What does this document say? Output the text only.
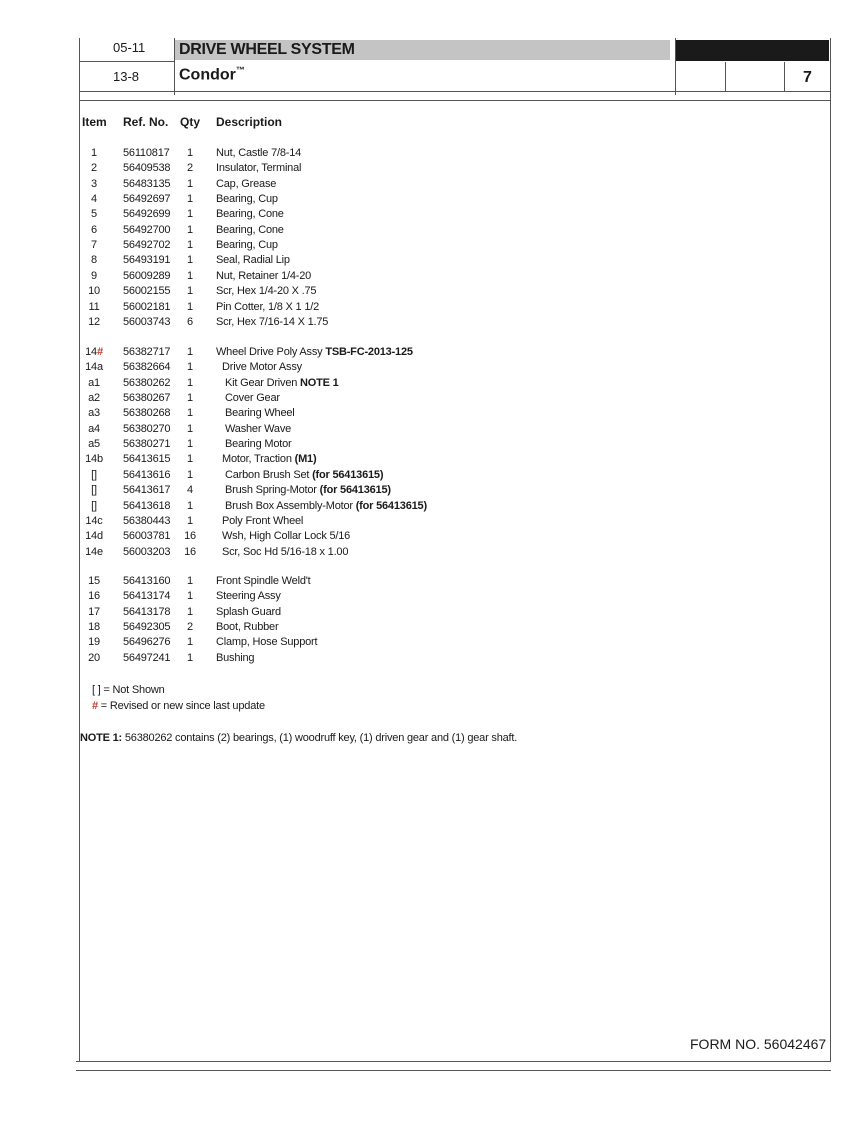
05-11
13-8
DRIVE WHEEL SYSTEM
Condor™	7
Item Ref. No. Qty Description
1	56110817 1 Nut, Castle 7/8-14
2	56409538 2 Insulator, Terminal
3	56483135 1 Cap, Grease
4	56492697 1 Bearing, Cup
5	56492699 1 Bearing, Cone
6	56492700 1 Bearing, Cone
7	56492702 1 Bearing, Cup
8	56493191 1 Seal, Radial Lip
9	56009289 1 Nut, Retainer 1/4-20
10	56002155 1 Scr, Hex 1/4-20 X .75
11	56002181 1 Pin Cotter, 1/8 X 1 1/2
12	56003743 6 Scr, Hex 7/16-14 X 1.75
14#	56382717 1 Wheel Drive Poly Assy TSB-FC-2013-125
14a	56382664 1	Drive Motor Assy
a1	56380262 1	Kit Gear Driven NOTE 1
a2	56380267 1	Cover Gear
a3	56380268 1	Bearing Wheel
a4	56380270 1	Washer Wave
a5	56380271 1	Bearing Motor
14b	56413615 1	Motor, Traction (M1)
[]	56413616 1	Carbon Brush Set (for 56413615)
[]	56413617 4	Brush Spring-Motor (for 56413615)
[]	56413618 1	Brush Box Assembly-Motor (for 56413615)
14c	56380443 1	Poly Front Wheel
14d	56003781 16 Wsh, High Collar Lock 5/16
14e	56003203 16 Scr, Soc Hd 5/16-18 x 1.00
15	56413160 1 Front Spindle Weld't
16	56413174 1 Steering Assy
17	56413178 1 Splash Guard
18	56492305 2 Boot, Rubber
19	56496276 1 Clamp, Hose Support
20	56497241 1 Bushing
[ ] = Not Shown
# = Revised or new since last update
NOTE 1: 56380262 contains (2) bearings, (1) woodruff key, (1) driven gear and (1) gear shaft.
FORM NO. 56042467
